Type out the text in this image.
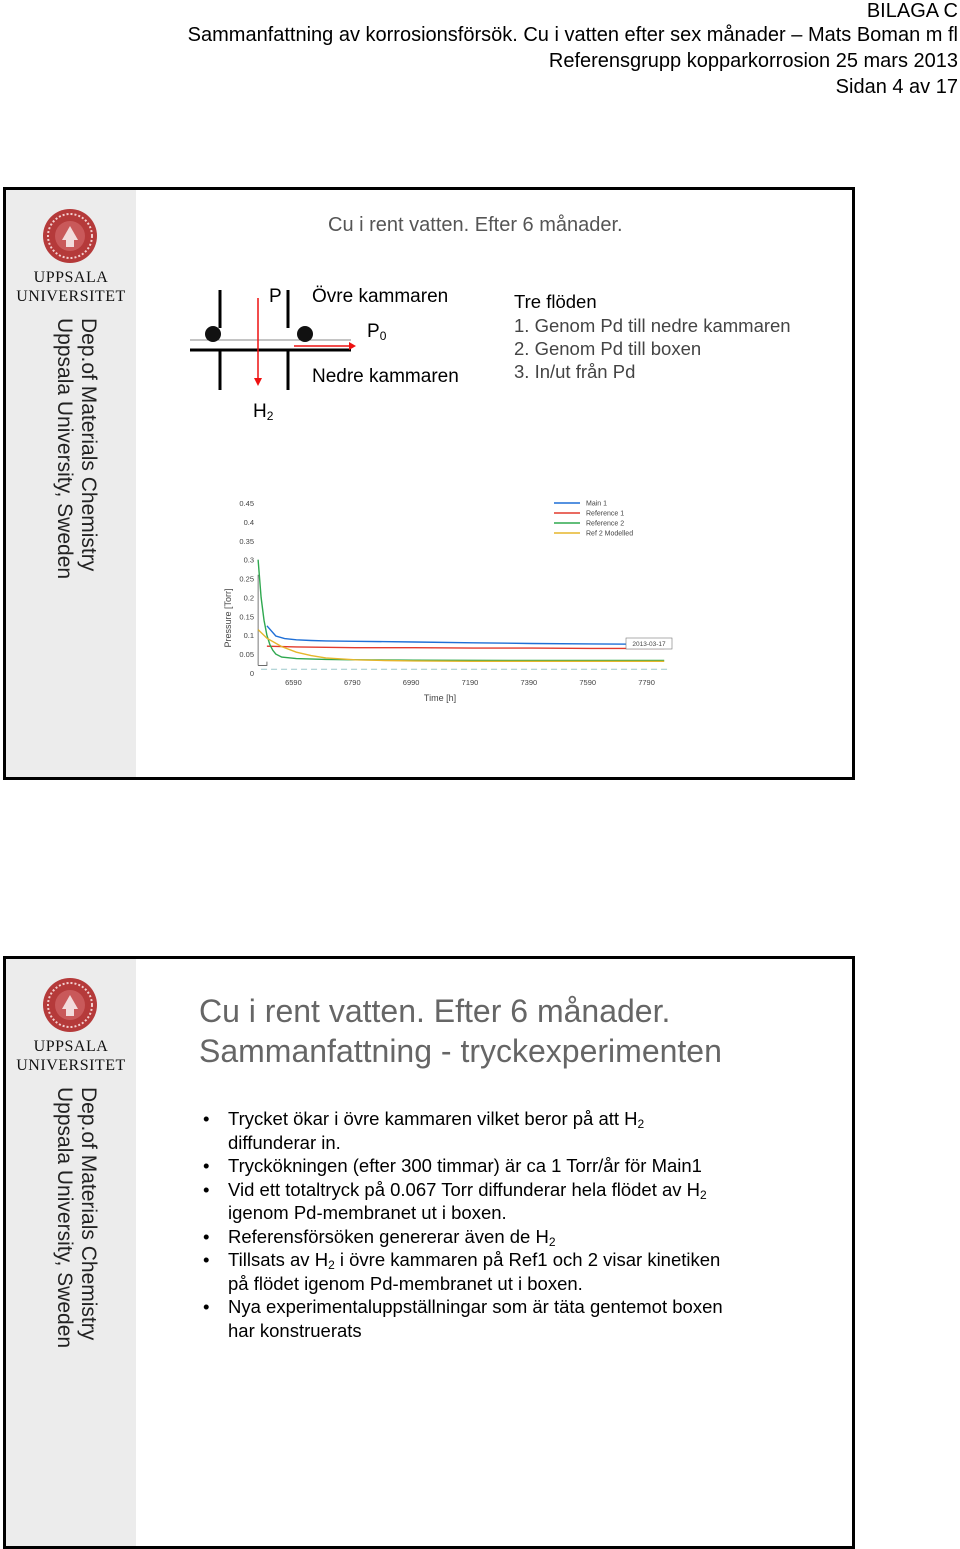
BILAGA C
Sammanfattning av korrosionsförsök. Cu i vatten efter sex månader – Mats Boman m fl
Referensgrupp kopparkorrosion 25 mars 2013
Sidan 4 av 17
UPPSALA
UNIVERSITET
Dep.of Materials Chemistry
Uppsala University, Sweden
Cu i rent vatten. Efter 6 månader.
P Övre kammaren
$P_0$
Nedre kammaren
$H_2$
Tre flöden
1. Genom Pd till nedre kammaren
2. Genom Pd till boxen
3. In/ut från Pd
0
0.05
0.1
0.15
0.2
0.25
0.3
0.35
0.4
0.45
6590	6790	6990	7190	7390	7590	7790
Time [h]
Pressure [Torr]
Main 1
Reference 1
Reference 2
Ref 2 Modelled
2013-03-17
UPPSALA
UNIVERSITET
Dep.of Materials Chemistry
Uppsala University, Sweden
Cu i rent vatten. Efter 6 månader.
Sammanfattning - tryckexperimenten
• Trycket ökar i övre kammaren vilket beror på att $H_2$ diffunderar in.
• Tryckökningen (efter 300 timmar) är ca 1 Torr/år för Main1
• Vid ett totaltryck på 0.067 Torr diffunderar hela flödet av $H_2$ igenom Pd-membranet ut i boxen.
• Referensförsöken genererar även de $H_2$
• Tillsats av $H_2$ i övre kammaren på Ref1 och 2 visar kinetiken på flödet igenom Pd-membranet ut i boxen.
• Nya experimentaluppställningar som är täta gentemot boxen har konstruerats
